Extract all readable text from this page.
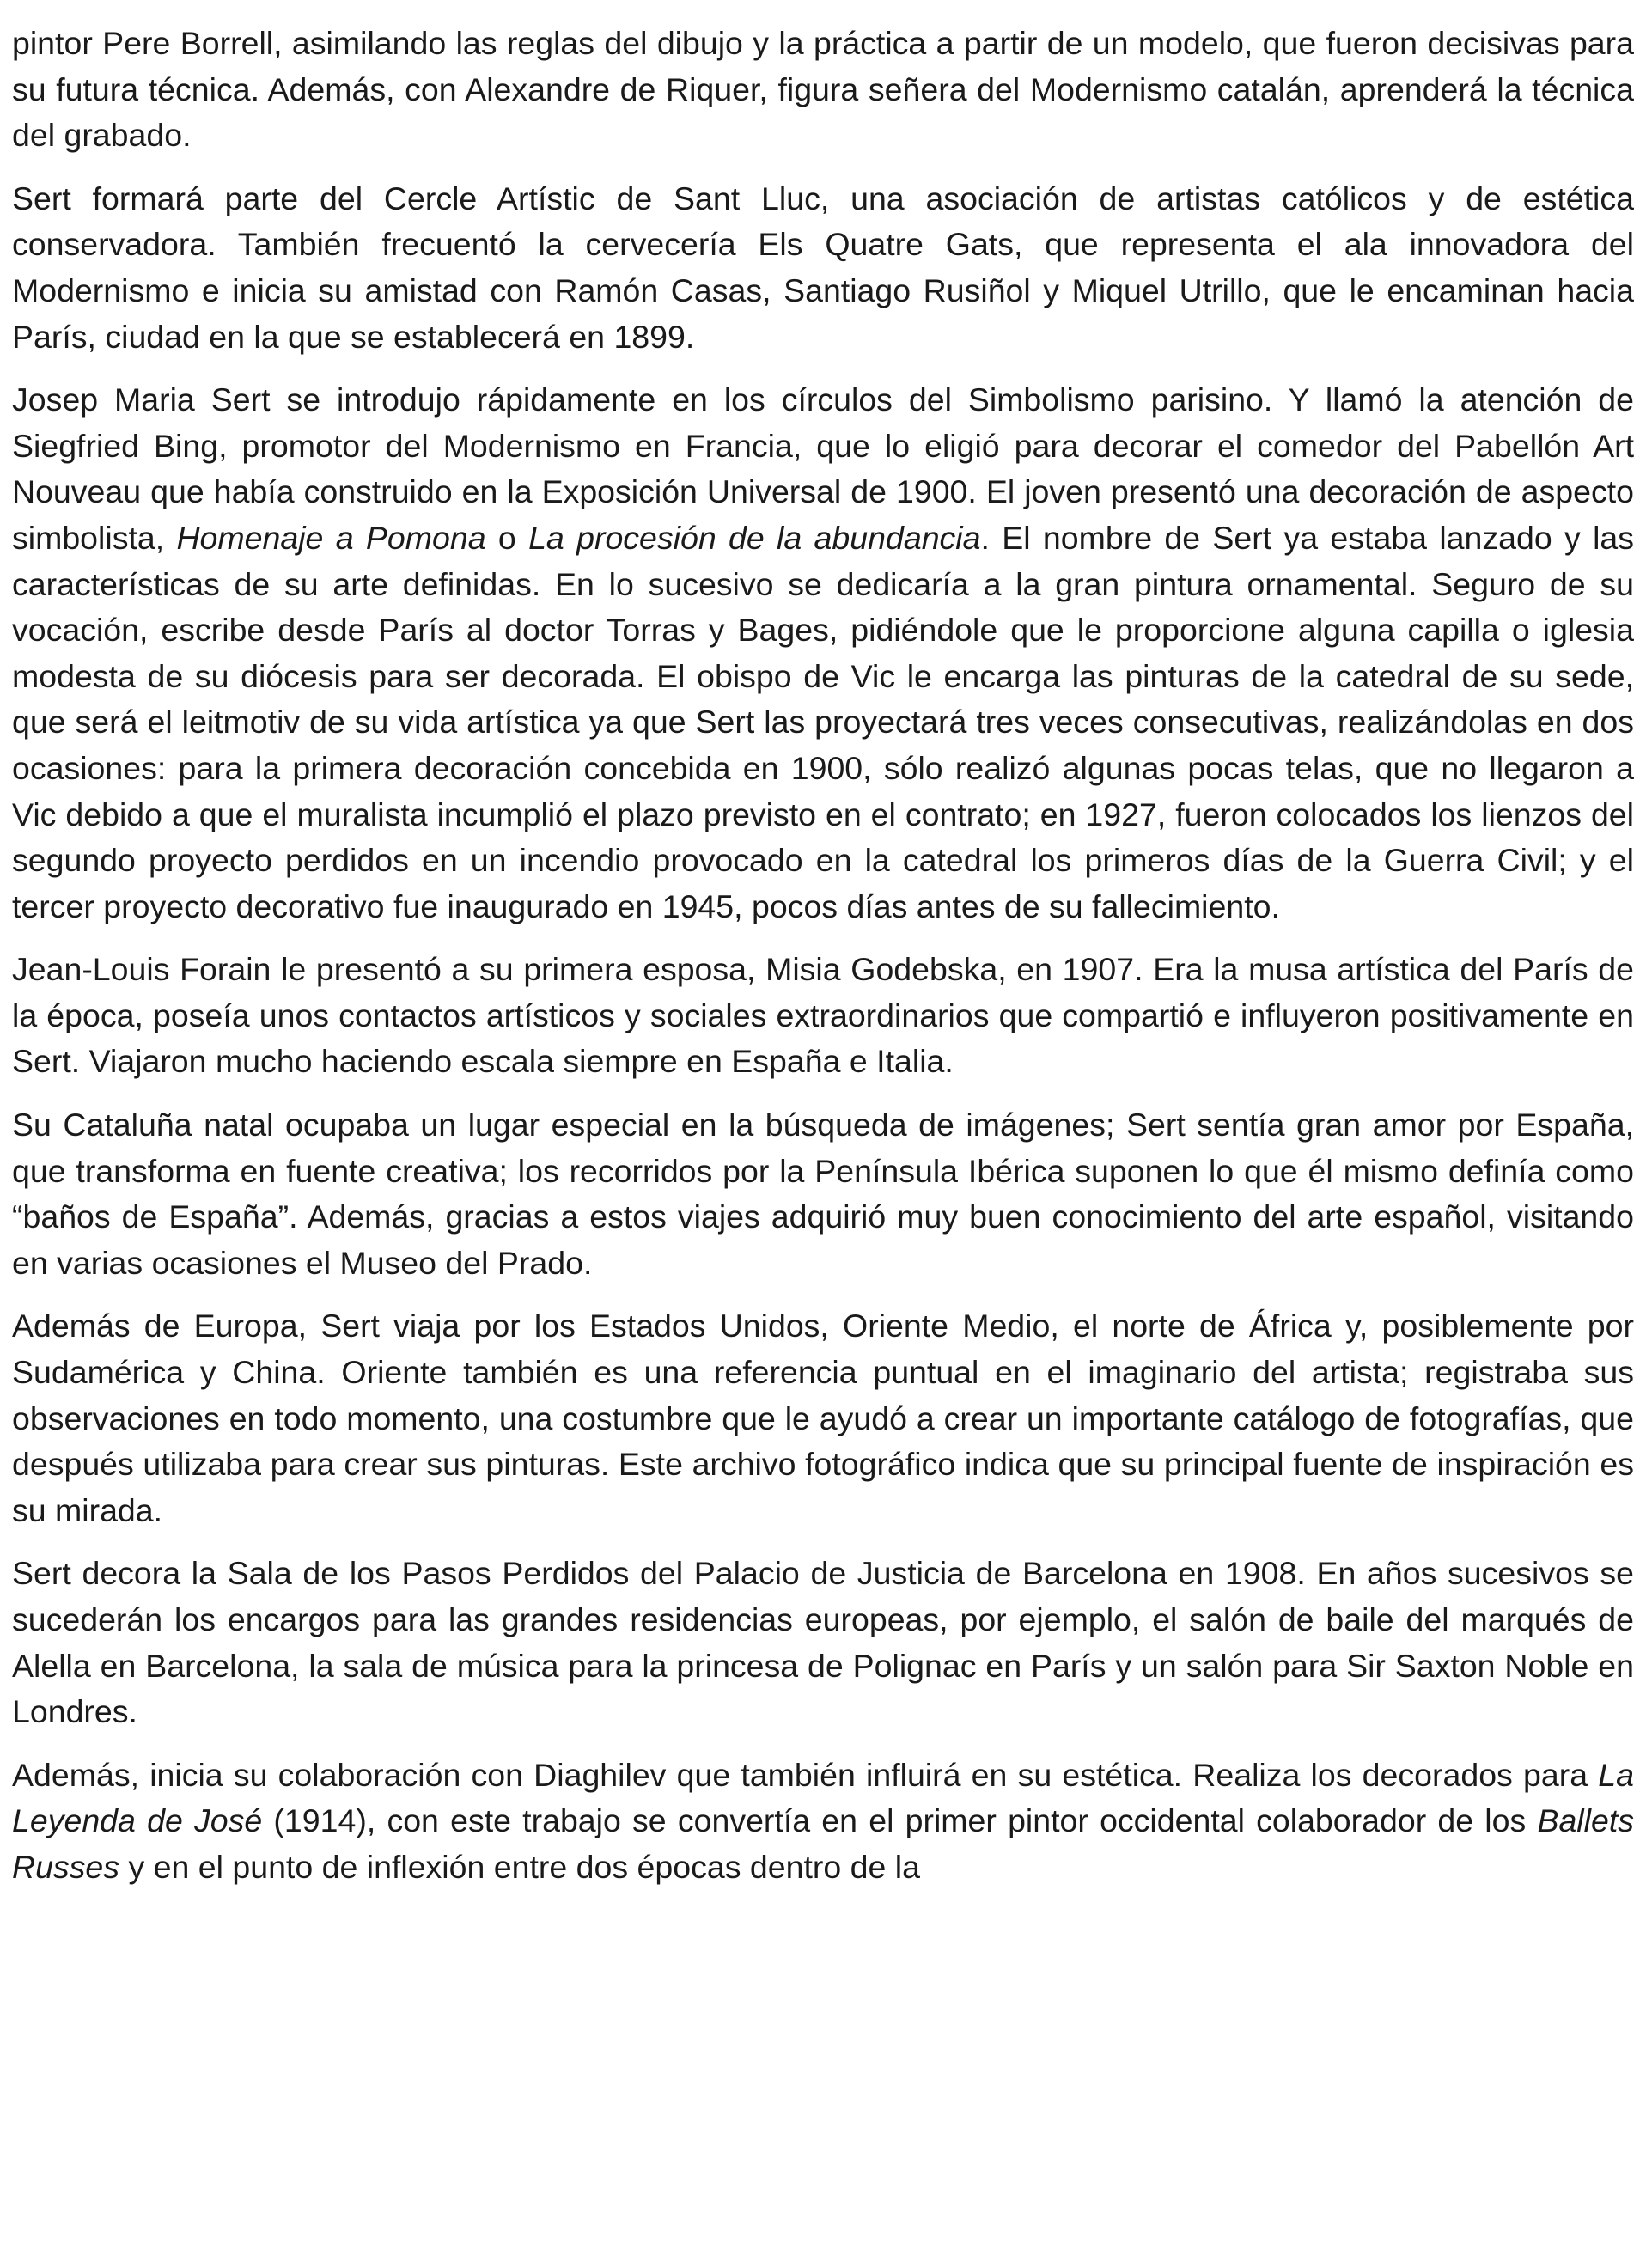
pintor Pere Borrell, asimilando las reglas del dibujo y la práctica a partir de un modelo, que fueron decisivas para su futura técnica. Además, con Alexandre de Riquer, figura señera del Modernismo catalán, aprenderá la técnica del grabado.

Sert formará parte del Cercle Artístic de Sant Lluc, una asociación de artistas católicos y de estética conservadora. También frecuentó la cervecería Els Quatre Gats, que representa el ala innovadora del Modernismo e inicia su amistad con Ramón Casas, Santiago Rusiñol y Miquel Utrillo, que le encaminan hacia París, ciudad en la que se establecerá en 1899.

Josep Maria Sert se introdujo rápidamente en los círculos del Simbolismo parisino. Y llamó la atención de Siegfried Bing, promotor del Modernismo en Francia, que lo eligió para decorar el comedor del Pabellón Art Nouveau que había construido en la Exposición Universal de 1900. El joven presentó una decoración de aspecto simbolista, Homenaje a Pomona o La procesión de la abundancia. El nombre de Sert ya estaba lanzado y las características de su arte definidas. En lo sucesivo se dedicaría a la gran pintura ornamental. Seguro de su vocación, escribe desde París al doctor Torras y Bages, pidiéndole que le proporcione alguna capilla o iglesia modesta de su diócesis para ser decorada. El obispo de Vic le encarga las pinturas de la catedral de su sede, que será el leitmotiv de su vida artística ya que Sert las proyectará tres veces consecutivas, realizándolas en dos ocasiones: para la primera decoración concebida en 1900, sólo realizó algunas pocas telas, que no llegaron a Vic debido a que el muralista incumplió el plazo previsto en el contrato; en 1927, fueron colocados los lienzos del segundo proyecto perdidos en un incendio provocado en la catedral los primeros días de la Guerra Civil; y el tercer proyecto decorativo fue inaugurado en 1945, pocos días antes de su fallecimiento.

Jean-Louis Forain le presentó a su primera esposa, Misia Godebska, en 1907. Era la musa artística del París de la época, poseía unos contactos artísticos y sociales extraordinarios que compartió e influyeron positivamente en Sert. Viajaron mucho haciendo escala siempre en España e Italia.

Su Cataluña natal ocupaba un lugar especial en la búsqueda de imágenes; Sert sentía gran amor por España, que transforma en fuente creativa; los recorridos por la Península Ibérica suponen lo que él mismo definía como “baños de España”. Además, gracias a estos viajes adquirió muy buen conocimiento del arte español, visitando en varias ocasiones el Museo del Prado.

Además de Europa, Sert viaja por los Estados Unidos, Oriente Medio, el norte de África y, posiblemente por Sudamérica y China. Oriente también es una referencia puntual en el imaginario del artista; registraba sus observaciones en todo momento, una costumbre que le ayudó a crear un importante catálogo de fotografías, que después utilizaba para crear sus pinturas. Este archivo fotográfico indica que su principal fuente de inspiración es su mirada.

Sert decora la Sala de los Pasos Perdidos del Palacio de Justicia de Barcelona en 1908. En años sucesivos se sucederán los encargos para las grandes residencias europeas, por ejemplo, el salón de baile del marqués de Alella en Barcelona, la sala de música para la princesa de Polignac en París y un salón para Sir Saxton Noble en Londres.

Además, inicia su colaboración con Diaghilev que también influirá en su estética. Realiza los decorados para La Leyenda de José (1914), con este trabajo se convertía en el primer pintor occidental colaborador de los Ballets Russes y en el punto de inflexión entre dos épocas dentro de la
